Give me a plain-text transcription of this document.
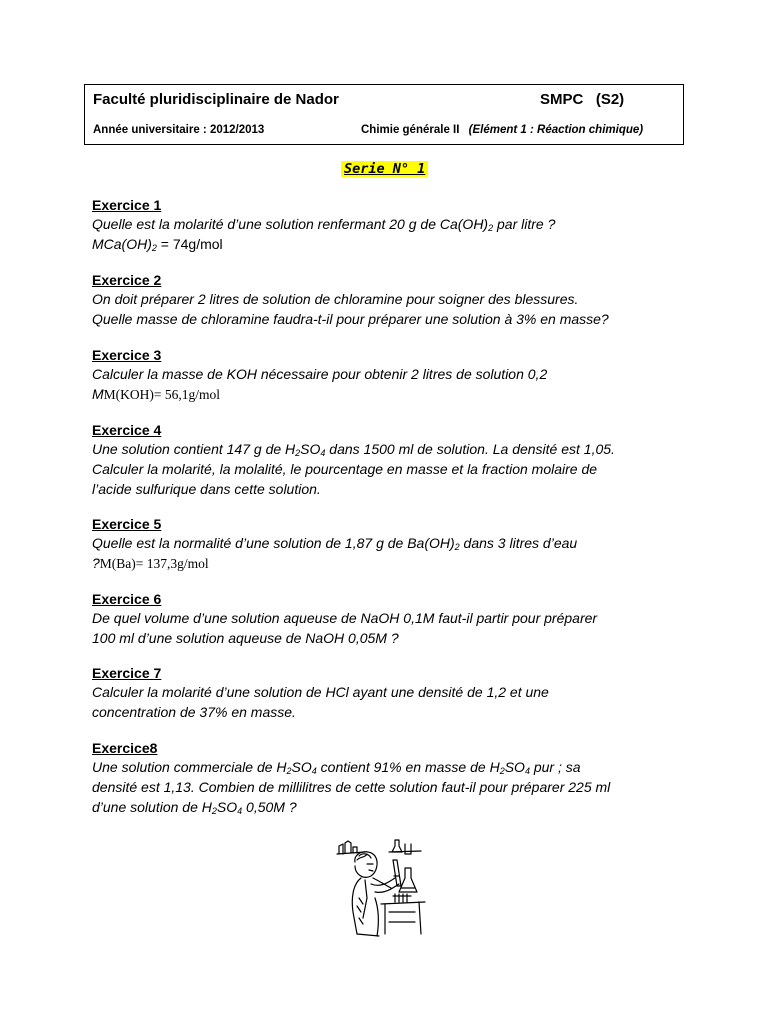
Faculté pluridisciplinaire de Nador	SMPC   (S2)
Année universitaire : 2012/2013	Chimie générale II (Elément 1 : Réaction chimique)
Serie N° 1
Exercice 1
Quelle est la molarité d’une solution renfermant 20 g de $Ca(OH)_2$ par litre ?
$MCa(OH)_2 = 74g/mol$
Exercice 2
On doit préparer 2 litres de solution de chloramine pour soigner des blessures.
Quelle masse de chloramine faudra-t-il pour préparer une solution à 3% en masse?
Exercice 3
Calculer la masse de KOH nécessaire pour obtenir 2 litres de solution 0,2
MM(KOH)= 56,1g/mol
Exercice 4
Une solution contient 147 g de $H_2SO_4$ dans 1500 ml de solution. La densité est 1,05.
Calculer la molarité, la molalité, le pourcentage en masse et la fraction molaire de
l’acide sulfurique dans cette solution.
Exercice 5
Quelle est la normalité d’une solution de 1,87 g de $Ba(OH)_2$ dans 3 litres d’eau
?M(Ba)= 137,3g/mol
Exercice 6
De quel volume d’une solution aqueuse de NaOH 0,1M faut-il partir pour préparer
100 ml d’une solution aqueuse de NaOH 0,05M ?
Exercice 7
Calculer la molarité d’une solution de HCl ayant une densité de 1,2 et une
concentration de 37% en masse.
Exercice8
Une solution commerciale de $H_2SO_4$ contient 91% en masse de $H_2SO_4$ pur ; sa
densité est 1,13. Combien de millilitres de cette solution faut-il pour préparer 225 ml
d’une solution de $H_2SO_4$ 0,50M ?
